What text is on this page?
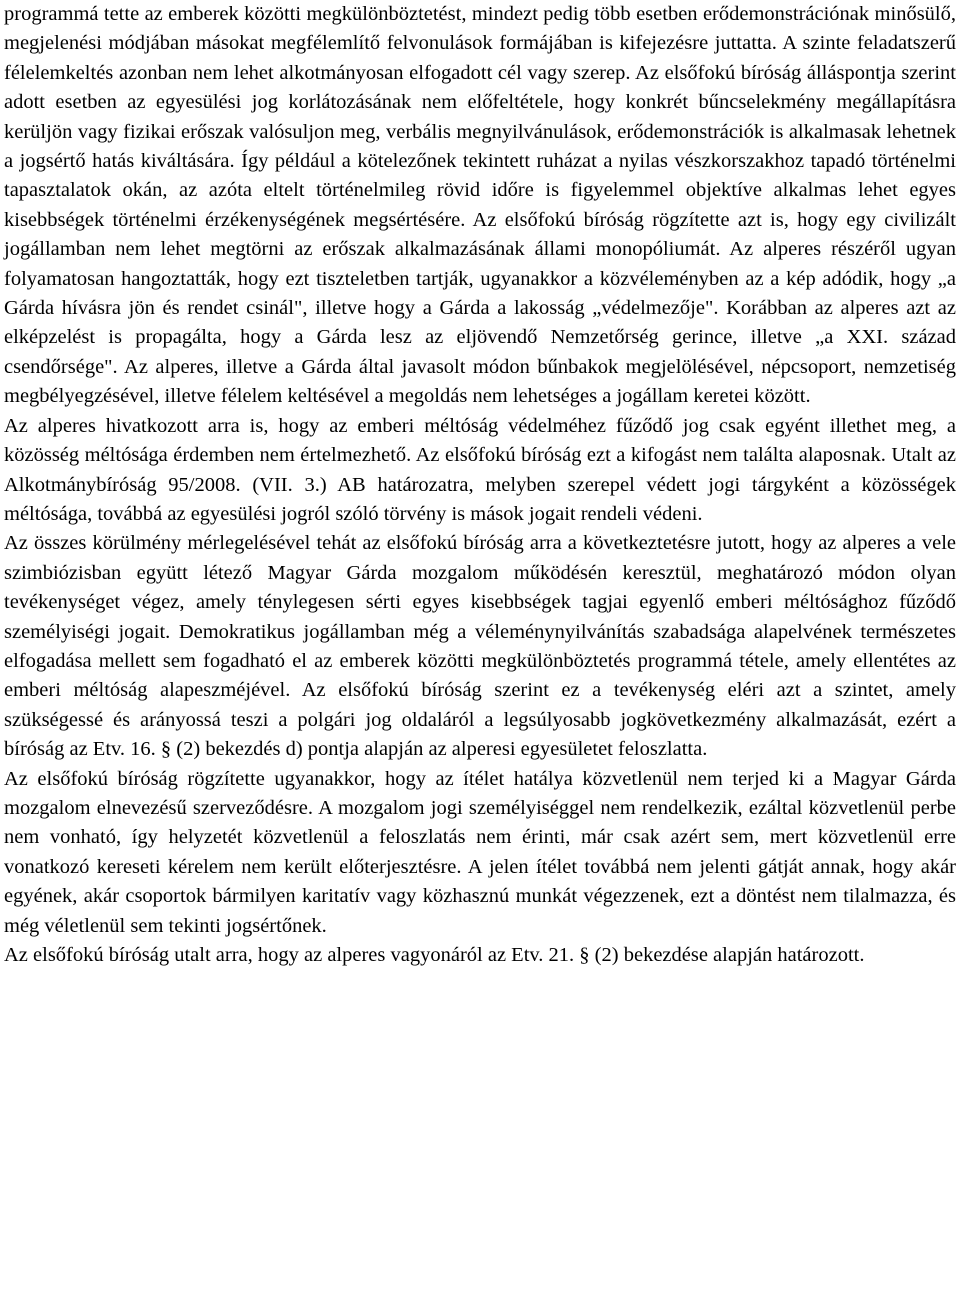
programmá tette az emberek közötti megkülönböztetést, mindezt pedig több esetben erődemonstrációnak minősülő, megjelenési módjában másokat megfélemlítő felvonulások formájában is kifejezésre juttatta. A szinte feladatszerű félelemkeltés azonban nem lehet alkotmányosan elfogadott cél vagy szerep. Az elsőfokú bíróság álláspontja szerint adott esetben az egyesülési jog korlátozásának nem előfeltétele, hogy konkrét bűncselekmény megállapításra kerüljön vagy fizikai erőszak valósuljon meg, verbális megnyilvánulások, erődemonstrációk is alkalmasak lehetnek a jogsértő hatás kiváltására. Így például a kötelezőnek tekintett ruházat a nyilas vészkorszakhoz tapadó történelmi tapasztalatok okán, az azóta eltelt történelmileg rövid időre is figyelemmel objektíve alkalmas lehet egyes kisebbségek történelmi érzékenységének megsértésére. Az elsőfokú bíróság rögzítette azt is, hogy egy civilizált jogállamban nem lehet megtörni az erőszak alkalmazásának állami monopóliumát. Az alperes részéről ugyan folyamatosan hangoztatták, hogy ezt tiszteletben tartják, ugyanakkor a közvéleményben az a kép adódik, hogy „a Gárda hívásra jön és rendet csinál", illetve hogy a Gárda a lakosság „védelmezője". Korábban az alperes azt az elképzelést is propagálta, hogy a Gárda lesz az eljövendő Nemzetőrség gerince, illetve „a XXI. század csendőrsége". Az alperes, illetve a Gárda által javasolt módon bűnbakok megjelölésével, népcsoport, nemzetiség megbélyegzésével, illetve félelem keltésével a megoldás nem lehetséges a jogállam keretei között.

Az alperes hivatkozott arra is, hogy az emberi méltóság védelméhez fűződő jog csak egyént illethet meg, a közösség méltósága érdemben nem értelmezhető. Az elsőfokú bíróság ezt a kifogást nem találta alaposnak. Utalt az Alkotmánybíróság 95/2008. (VII. 3.) AB határozatra, melyben szerepel védett jogi tárgyként a közösségek méltósága, továbbá az egyesülési jogról szóló törvény is mások jogait rendeli védeni.

Az összes körülmény mérlegelésével tehát az elsőfokú bíróság arra a következtetésre jutott, hogy az alperes a vele szimbiózisban együtt létező Magyar Gárda mozgalom működésén keresztül, meghatározó módon olyan tevékenységet végez, amely ténylegesen sérti egyes kisebbségek tagjai egyenlő emberi méltósághoz fűződő személyiségi jogait. Demokratikus jogállamban még a véleménynyilvánítás szabadsága alapelvének természetes elfogadása mellett sem fogadható el az emberek közötti megkülönböztetés programmá tétele, amely ellentétes az emberi méltóság alapeszméjével. Az elsőfokú bíróság szerint ez a tevékenység eléri azt a szintet, amely szükségessé és arányossá teszi a polgári jog oldaláról a legsúlyosabb jogkövetkezmény alkalmazását, ezért a bíróság az Etv. 16. § (2) bekezdés d) pontja alapján az alperesi egyesületet feloszlatta.

Az elsőfokú bíróság rögzítette ugyanakkor, hogy az ítélet hatálya közvetlenül nem terjed ki a Magyar Gárda mozgalom elnevezésű szerveződésre. A mozgalom jogi személyiséggel nem rendelkezik, ezáltal közvetlenül perbe nem vonható, így helyzetét közvetlenül a feloszlatás nem érinti, már csak azért sem, mert közvetlenül erre vonatkozó kereseti kérelem nem került előterjesztésre. A jelen ítélet továbbá nem jelenti gátját annak, hogy akár egyének, akár csoportok bármilyen karitatív vagy közhasznú munkát végezzenek, ezt a döntést nem tilalmazza, és még véletlenül sem tekinti jogsértőnek.

Az elsőfokú bíróság utalt arra, hogy az alperes vagyonáról az Etv. 21. § (2) bekezdése alapján határozott.
